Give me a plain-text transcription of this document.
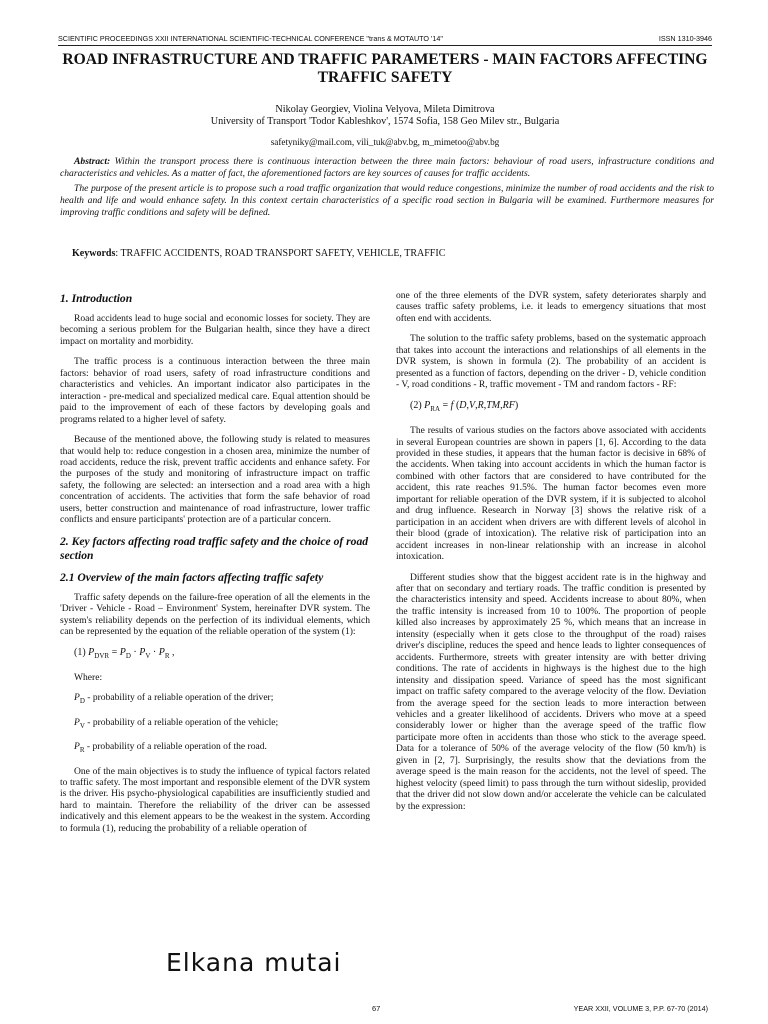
SCIENTIFIC PROCEEDINGS XXII INTERNATIONAL SCIENTIFIC-TECHNICAL CONFERENCE "trans & MOTAUTO '14"	ISSN 1310-3946
ROAD INFRASTRUCTURE AND TRAFFIC PARAMETERS - MAIN FACTORS AFFECTING TRAFFIC SAFETY
Nikolay Georgiev, Violina Velyova, Mileta Dimitrova
University of Transport 'Todor Kableshkov', 1574 Sofia, 158 Geo Milev str., Bulgaria
safetyniky@mail.com, vili_tuk@abv.bg, m_mimetoo@abv.bg

Abstract: Within the transport process there is continuous interaction between the three main factors: behaviour of road users, infrastructure conditions and characteristics and vehicles. As a matter of fact, the aforementioned factors are key sources of causes for traffic accidents.

The purpose of the present article is to propose such a road traffic organization that would reduce congestions, minimize the number of road accidents and the risk to health and life and would enhance safety. In this context certain characteristics of a specific road section in Bulgaria will be examined. Furthermore measures for improving traffic conditions and safety will be defined.

Keywords: TRAFFIC ACCIDENTS, ROAD TRANSPORT SAFETY, VEHICLE, TRAFFIC
1. Introduction

Road accidents lead to huge social and economic losses for society. They are becoming a serious problem for the Bulgarian health, since they have a direct impact on mortality and morbidity.

The traffic process is a continuous interaction between the three main factors: behavior of road users, safety of road infrastructure conditions and characteristics and vehicles. An important indicator also participates in the interaction - pre-medical and specialized medical care. Equal attention should be paid to the improvement of each of these factors by developing goals and programs related to a higher level of safety.

Because of the mentioned above, the following study is related to measures that would help to: reduce congestion in a chosen area, minimize the number of road accidents, reduce the risk, prevent traffic accidents and enhance safety. For the purposes of the study and monitoring of infrastructure impact on traffic safety, the following are selected: an intersection and a road area with a high concentration of accidents. The activities that form the safe behavior of road users, better construction and maintenance of road infrastructure, lower traffic conflicts and ensure participants' protection are of a particular concern.

2. Key factors affecting road traffic safety and the choice of road section
2.1 Overview of the main factors affecting traffic safety

Traffic safety depends on the failure-free operation of all the elements in the 'Driver - Vehicle - Road – Environment' System, hereinafter DVR system. The system's reliability depends on the perfection of its individual elements, which can be represented by the equation of the reliable operation of the system (1):

(1) $P_{DVR} = P_D \cdot P_V \cdot P_R$ ,

Where:

$P_D$ - probability of a reliable operation of the driver;
$P_V$ - probability of a reliable operation of the vehicle;
$P_R$ - probability of a reliable operation of the road.

One of the main objectives is to study the influence of typical factors related to traffic safety. The most important and responsible element of the DVR system is the driver. His psycho-physiological capabilities are insufficiently studied and hard to maintain. Therefore the reliability of the driver can be assessed indicatively and this element appears to be the weakest in the system. According to formula (1), reducing the probability of a reliable operation of

one of the three elements of the DVR system, safety deteriorates sharply and causes traffic safety problems, i.e. it leads to emergency situations that most often end with accidents.

The solution to the traffic safety problems, based on the systematic approach that takes into account the interactions and relationships of all elements in the DVR system, is shown in formula (2). The probability of an accident is presented as a function of factors, depending on the driver - D, vehicle condition - V, road conditions - R, traffic movement - TM and random factors - RF:

(2) $P_{RA} = f$ (D,V,R,TM,RF)

The results of various studies on the factors above associated with accidents in several European countries are shown in papers [1, 6]. According to the data provided in these studies, it appears that the human factor is decisive in 68% of the accidents. When taking into account accidents in which the human factor is combined with other factors that are considered to have contributed for the accident, this rate reaches 91.5%. The human factor becomes even more important for reliable operation of the DVR system, if it is subjected to alcohol and drug influence. Research in Norway [3] shows the relative risk of a participation in an accident when drivers are with different levels of alcohol in their blood (grade of intoxication). The relative risk of participation into an accident increases in non-linear relationship with an increase in alcohol intoxication.

Different studies show that the biggest accident rate is in the highway and after that on secondary and tertiary roads. The traffic condition is presented by the characteristics intensity and speed. Accidents increase to about 80%, when the traffic intensity is increased from 10 to 100%. The proportion of people killed also increases by approximately 25 %, which means that an increase in intensity (especially when it gets close to the throughput of the road) raises driver's discipline, reduces the speed and hence leads to lighter consequences of accidents. Furthermore, streets with greater intensity are with better driving conditions. The rate of accidents in highways is the highest due to the high intensity and dissipation speed. Variance of speed has the most significant impact on traffic safety compared to the average velocity of the flow. Deviation from the average speed for the section leads to more interaction between vehicles and a greater likelihood of accidents. Drivers who move at a speed considerably lower or higher than the average speed of the traffic flow participate more often in accidents than those who stick to the average speed. Data for a tolerance of 50% of the average velocity of the flow (50 km/h) is given in [2, 7]. Surprisingly, the results show that the deviations from the average speed is the main reason for the accidents, not the level of speed. The highest velocity (speed limit) to pass through the turn without sideslip, provided that the driver did not slow down and/or accelerate the vehicle can be calculated by the expression:

Elkana mutai
67	YEAR XXII, VOLUME 3, P.P. 67-70 (2014)
